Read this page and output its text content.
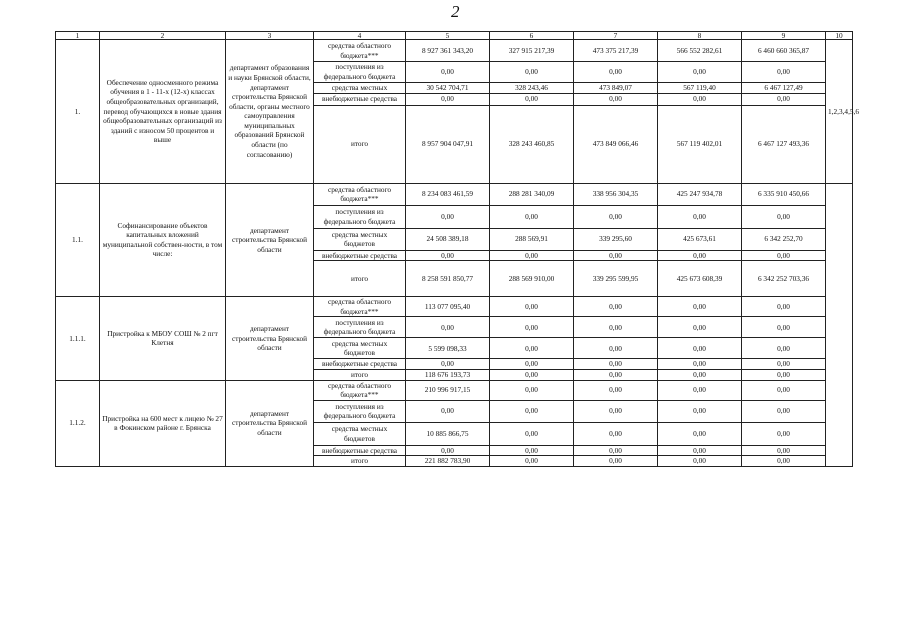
2
1	2	3	4	5	6	7	8	9	10
1.	Обеспечение односменного режима обучения в 1 - 11-х (12-х) классах общеобразовательных организаций, перевод обучающихся в новые здания общеобразовательных организаций из зданий с износом 50 процентов и выше	департамент образования и науки Брянской области, департамент строительства Брянской области, органы местного самоуправления муниципальных образований Брянской области (по согласованию)	средства областного бюджета***	8 927 361 343,20	327 915 217,39	473 375 217,39	566 552 282,61	6 460 660 365,87	1,2,3,4,5,6
			поступления из федерального бюджета	0,00	0,00	0,00	0,00	0,00	
			средства местных	30 542 704,71	328 243,46	473 849,07	567 119,40	6 467 127,49	
			внебюджетные средства	0,00	0,00	0,00	0,00	0,00	
			итого	8 957 904 047,91	328 243 460,85	473 849 066,46	567 119 402,01	6 467 127 493,36	
1.1.	Софинансирование объектов капитальных вложений муниципальной собствен-ности, в том числе:	департамент строительства Брянской области	средства областного бюджета***	8 234 083 461,59	288 281 340,09	338 956 304,35	425 247 934,78	6 335 910 450,66	
			поступления из федерального бюджета	0,00	0,00	0,00	0,00	0,00	
			средства местных бюджетов	24 508 389,18	288 569,91	339 295,60	425 673,61	6 342 252,70	
			внебюджетные средства	0,00	0,00	0,00	0,00	0,00	
			итого	8 258 591 850,77	288 569 910,00	339 295 599,95	425 673 608,39	6 342 252 703,36	
1.1.1.	Пристройка к МБОУ СОШ № 2 пгт Клетня	департамент строительства Брянской области	средства областного бюджета***	113 077 095,40	0,00	0,00	0,00	0,00	
			поступления из федерального бюджета	0,00	0,00	0,00	0,00	0,00	
			средства местных бюджетов	5 599 098,33	0,00	0,00	0,00	0,00	
			внебюджетные средства	0,00	0,00	0,00	0,00	0,00	
			итого	118 676 193,73	0,00	0,00	0,00	0,00	
1.1.2.	Пристройка на 600 мест к лицею № 27 в Фокинском районе г. Брянска	департамент строительства Брянской области	средства областного бюджета***	210 996 917,15	0,00	0,00	0,00	0,00	
			поступления из федерального бюджета	0,00	0,00	0,00	0,00	0,00	
			средства местных бюджетов	10 885 866,75	0,00	0,00	0,00	0,00	
			внебюджетные средства	0,00	0,00	0,00	0,00	0,00	
			итого	221 882 783,90	0,00	0,00	0,00	0,00	
